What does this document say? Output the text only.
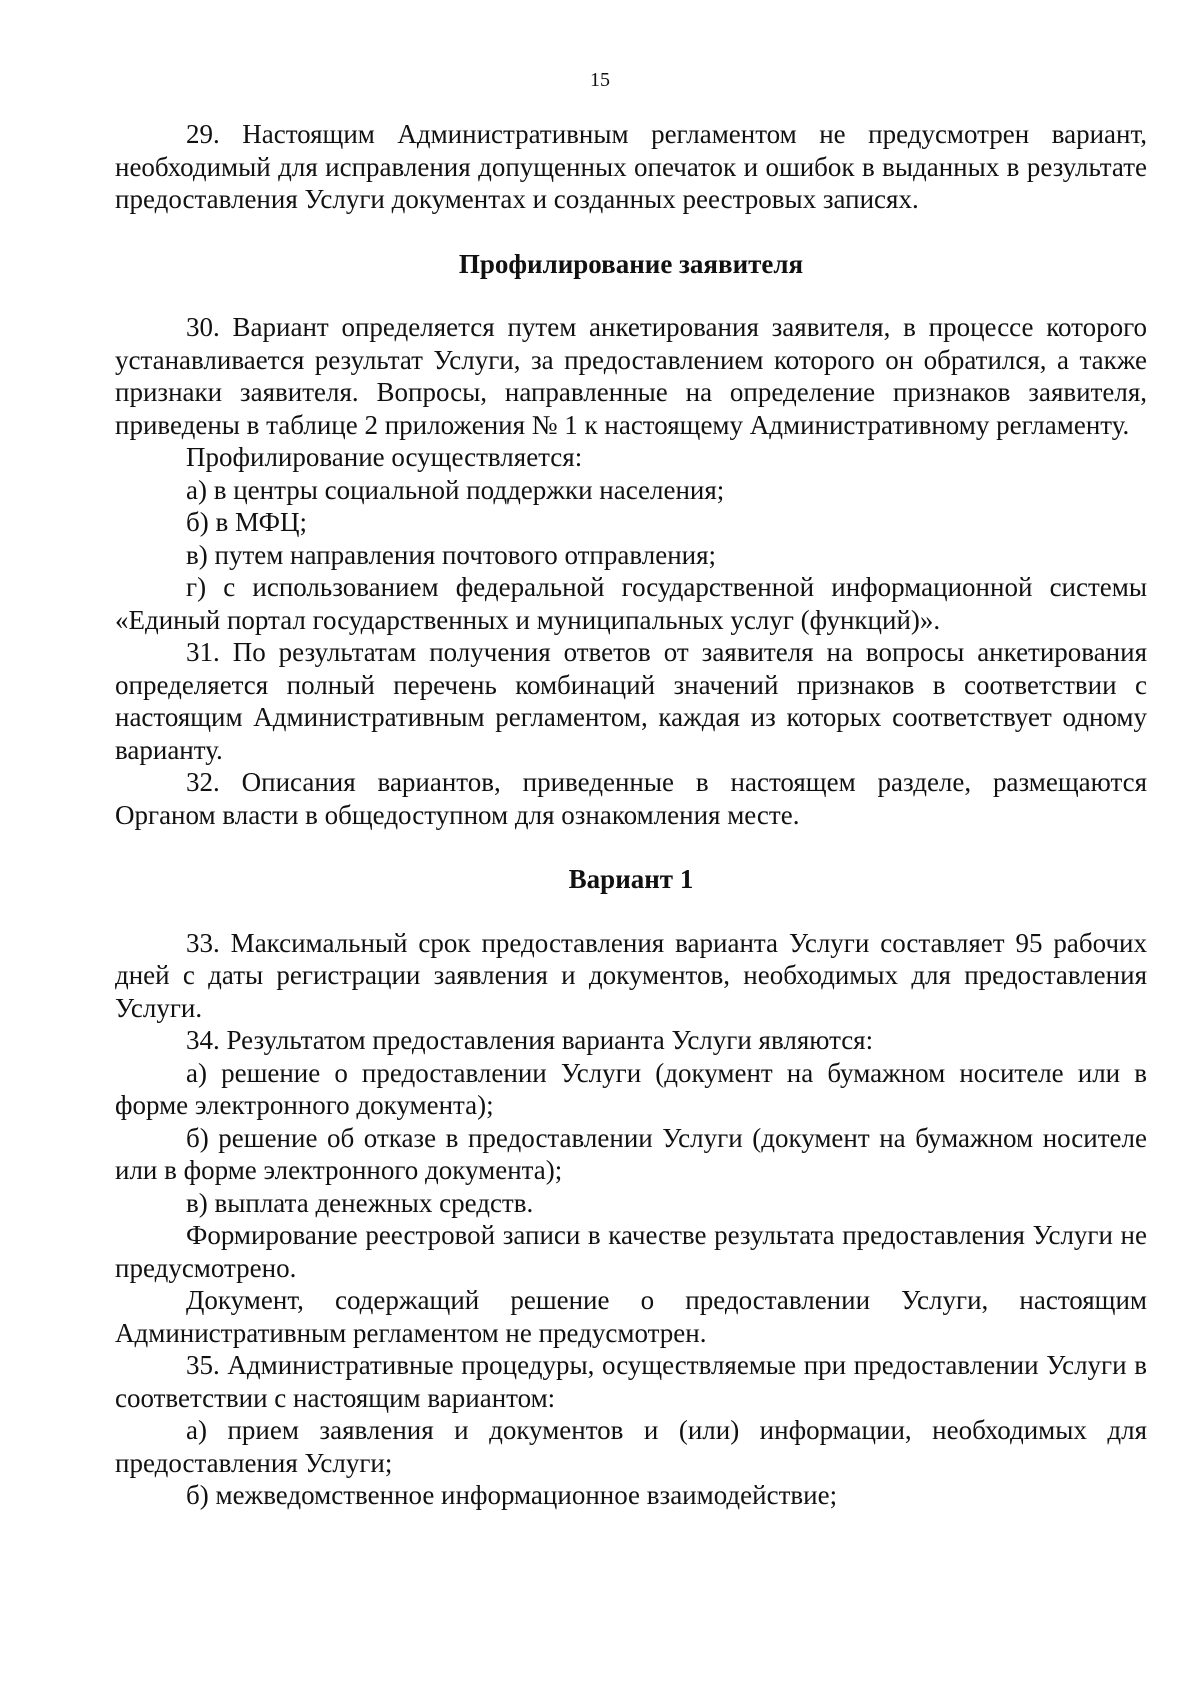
15

29. Настоящим Административным регламентом не предусмотрен вариант, необходимый для исправления допущенных опечаток и ошибок в выданных в результате предоставления Услуги документах и созданных реестровых записях.

Профилирование заявителя

30. Вариант определяется путем анкетирования заявителя, в процессе которого устанавливается результат Услуги, за предоставлением которого он обратился, а также признаки заявителя. Вопросы, направленные на определение признаков заявителя, приведены в таблице 2 приложения № 1 к настоящему Административному регламенту.

Профилирование осуществляется:

а) в центры социальной поддержки населения;

б) в МФЦ;

в) путем направления почтового отправления;

г) с использованием федеральной государственной информационной системы «Единый портал государственных и муниципальных услуг (функций)».

31. По результатам получения ответов от заявителя на вопросы анкетирования определяется полный перечень комбинаций значений признаков в соответствии с настоящим Административным регламентом, каждая из которых соответствует одному варианту.

32. Описания вариантов, приведенные в настоящем разделе, размещаются Органом власти в общедоступном для ознакомления месте.

Вариант 1

33. Максимальный срок предоставления варианта Услуги составляет 95 рабочих дней с даты регистрации заявления и документов, необходимых для предоставления Услуги.

34. Результатом предоставления варианта Услуги являются:

а) решение о предоставлении Услуги (документ на бумажном носителе или в форме электронного документа);

б) решение об отказе в предоставлении Услуги (документ на бумажном носителе или в форме электронного документа);

в) выплата денежных средств.

Формирование реестровой записи в качестве результата предоставления Услуги не предусмотрено.

Документ, содержащий решение о предоставлении Услуги, настоящим Административным регламентом не предусмотрен.

35. Административные процедуры, осуществляемые при предоставлении Услуги в соответствии с настоящим вариантом:

а) прием заявления и документов и (или) информации, необходимых для предоставления Услуги;

б) межведомственное информационное взаимодействие;
